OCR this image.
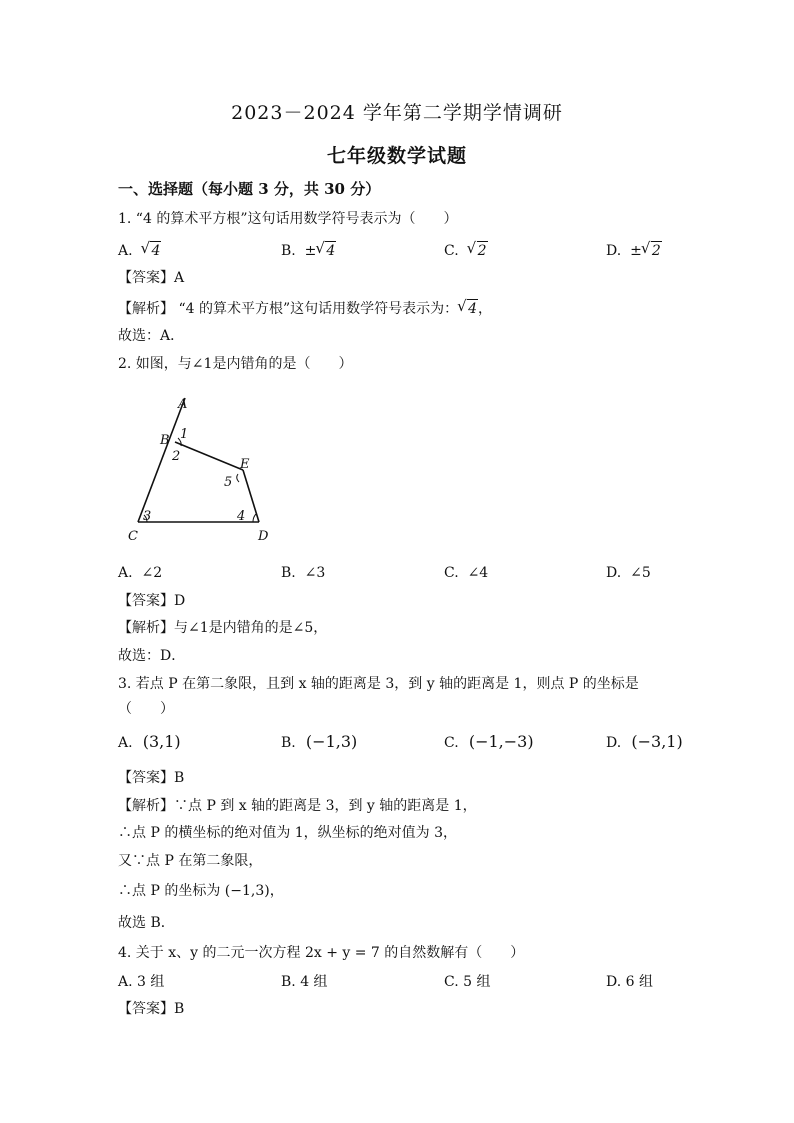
2023－2024 学年第二学期学情调研
七年级数学试题
一、选择题（每小题 3 分，共 30 分）
1. “4 的算术平方根”这句话用数学符号表示为（　　）
A. √ 4	B. ± √ 4	C. √ 2	D. ± √ 2
【答案】A
【解析】 “4 的算术平方根”这句话用数学符号表示为： √ 4，
故选：A．
2. 如图，与∠1是内错角的是（　　）
A
B 1
2
E
5
3	4
C	D
A. ∠2	B. ∠3	C. ∠4	D. ∠5
【答案】D
【解析】与∠1是内错角的是∠5，
故选：D．
3. 若点 P 在第二象限，且到 x 轴的距离是 3，到 y 轴的距离是 1，则点 P 的坐标是
（　　）
A. (3,1)	B. (−1,3)	C. (−1,−3)	D. (−3,1)
【答案】B
【解析】∵点 P 到 x 轴的距离是 3，到 y 轴的距离是 1，
∴点 P 的横坐标的绝对值为 1，纵坐标的绝对值为 3，
又∵点 P 在第二象限，
∴点 P 的坐标为 (−1,3)，
故选 B．
4. 关于 x、y 的二元一次方程 2x + y = 7 的自然数解有（　　）
A. 3 组	B. 4 组	C. 5 组	D. 6 组
【答案】B
